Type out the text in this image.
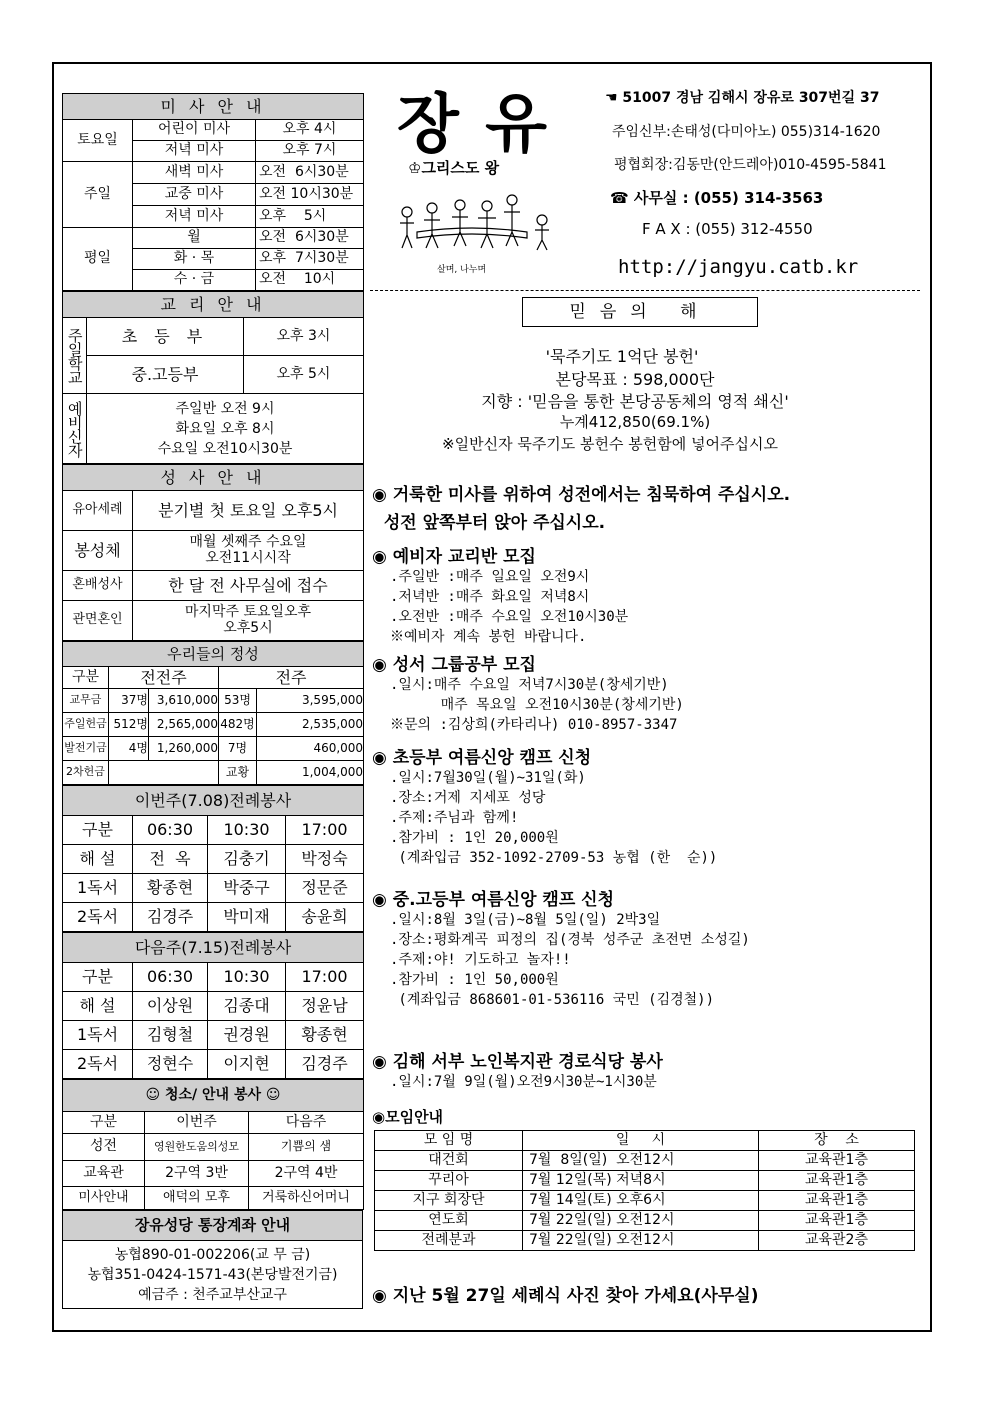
미 사 안 내		
토요일	어린이 미사	오후 4시
	저녁 미사	오후 7시
주일	새벽 미사	오전  6시30분
	교중 미사	오전 10시30분
	저녁 미사	오후    5시
평일	월	오전  6시30분
	화 · 목	오후  7시30분
	수 · 금	오전    10시
교 리 안 내		
주일학교	초 등 부	오후 3시
	중.고등부	오후 5시
예비신자	주일반 오전 9시
화요일 오후 8시
수요일 오전10시30분	
성 사 안 내	
유아세례	분기별 첫 토요일 오후5시
봉성체	매월 셋째주 수요일
오전11시시작
혼배성사	한 달 전 사무실에 접수
관면혼인	마지막주 토요일오후
오후5시
우리들의 정성				
구분	전전주		전주	
교무금	37명	3,610,000	53명	3,595,000
주일헌금	512명	2,565,000	482명	2,535,000
발전기금	4명	1,260,000	7명	460,000
2차헌금			교황	1,004,000
이번주(7.08)전례봉사			
구분	06:30	10:30	17:00
해 설	전  옥	김충기	박정숙
1독서	황종현	박중구	정문준
2독서	김경주	박미재	송윤희
다음주(7.15)전례봉사			
구분	06:30	10:30	17:00
해 설	이상원	김종대	정윤남
1독서	김형철	권경원	황종현
2독서	정현수	이지현	김경주
☺ 청소/ 안내 봉사 ☺		
구분	이번주	다음주
성전	영원한도움의성모	기쁨의 샘
교육관	2구역 3반	2구역 4반
미사안내	애덕의 모후	거룩하신어머니
장유성당 통장계좌 안내

농협890-01-002206(교 무 금)
농협351-0424-1571-43(본당발전기금)
예금주 : 천주교부산교구
장 유
♔그리스도 왕
살며, 나누며
☚ 51007 경남 김해시 장유로 307번길 37
주임신부:손태성(다미아노) 055)314-1620
평협회장:김동만(안드레아)010-4595-5841
☎ 사무실 : (055) 314-3563
F A X : (055) 312-4550
http://jangyu.catb.kr
믿음의 해
'묵주기도 1억단 봉헌'
본당목표 : 598,000단
지향 : '믿음을 통한 본당공동체의 영적 쇄신'
누계412,850(69.1%)
※일반신자 묵주기도 봉헌수 봉헌함에 넣어주십시오
◉ 거룩한 미사를 위하여 성전에서는 침묵하여 주십시오.
성전 앞쪽부터 앉아 주십시오.
◉ 예비자 교리반 모집
.주일반 :매주 일요일 오전9시
.저녁반 :매주 화요일 저녁8시
.오전반 :매주 수요일 오전10시30분
※예비자 계속 봉헌 바랍니다.
◉ 성서 그룹공부 모집
.일시:매주 수요일 저녁7시30분(창세기반)
매주 목요일 오전10시30분(창세기반)
※문의 :김상희(카타리나) 010-8957-3347
◉ 초등부 여름신앙 캠프 신청
.일시:7월30일(월)~31일(화)
.장소:거제 지세포 성당
.주제:주님과 함께!
.참가비 : 1인 20,000원
(계좌입금 352-1092-2709-53 농협 (한  순))
◉ 중.고등부 여름신앙 캠프 신청
.일시:8월 3일(금)~8월 5일(일) 2박3일
.장소:평화계곡 피정의 집(경북 성주군 초전면 소성길)
.주제:야! 기도하고 놀자!!
.참가비 : 1인 50,000원
(계좌입금 868601-01-536116 국민 (김경철))
◉ 김해 서부 노인복지관 경로식당 봉사
.일시:7월 9일(월)오전9시30분~1시30분
◉모임안내
모 임 명	일     시	장    소
대건회	7월  8일(일)  오전12시	교육관1층
꾸리아	7월 12일(목) 저녁8시	교육관1층
지구 회장단	7월 14일(토) 오후6시	교육관1층
연도회	7월 22일(일) 오전12시	교육관1층
전례분과	7월 22일(일) 오전12시	교육관2층
◉ 지난 5월 27일 세례식 사진 찾아 가세요(사무실)
